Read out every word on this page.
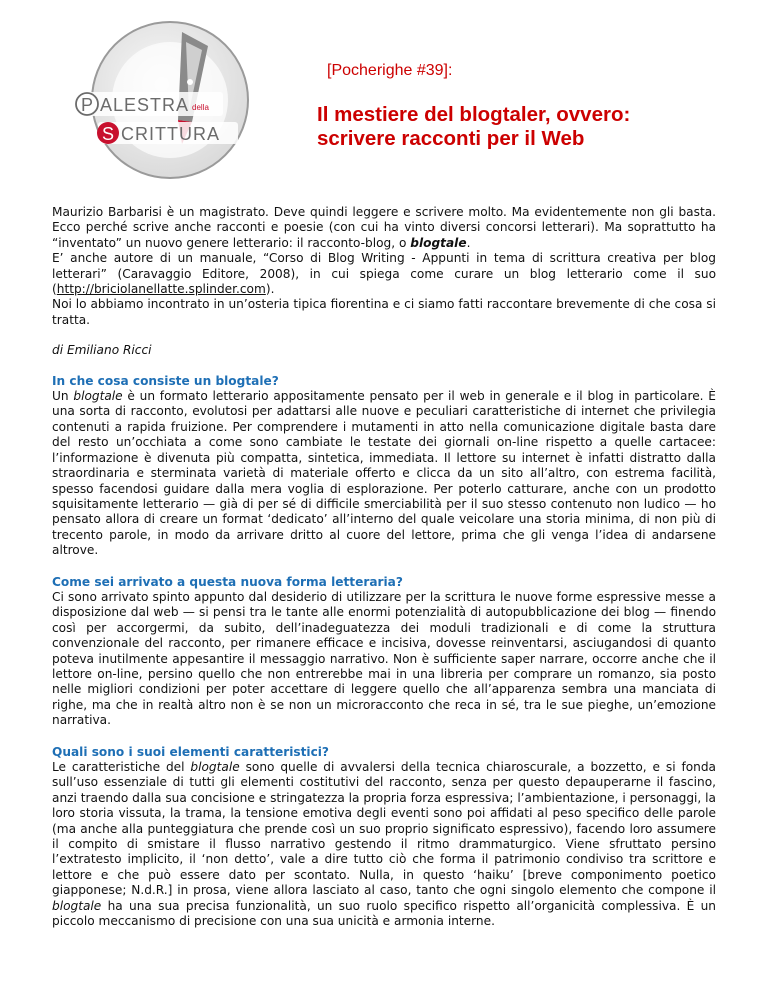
P ALESTRA della
S CRITTURA
[Pocherighe #39]:
Il mestiere del blogtaler, ovvero:
scrivere racconti per il Web

Maurizio Barbarisi è un magistrato. Deve quindi leggere e scrivere molto. Ma evidentemente non gli basta. Ecco perché scrive anche racconti e poesie (con cui ha vinto diversi concorsi letterari). Ma soprattutto ha “inventato” un nuovo genere letterario: il racconto-blog, o blogtale.

E’ anche autore di un manuale, “Corso di Blog Writing - Appunti in tema di scrittura creativa per blog letterari” (Caravaggio Editore, 2008), in cui spiega come curare un blog letterario come il suo (http://briciolanellatte.splinder.com).

Noi lo abbiamo incontrato in un’osteria tipica fiorentina e ci siamo fatti raccontare brevemente di che cosa si tratta.

di Emiliano Ricci

In che cosa consiste un blogtale?

Un blogtale è un formato letterario appositamente pensato per il web in generale e il blog in particolare. È una sorta di racconto, evolutosi per adattarsi alle nuove e peculiari caratteristiche di internet che privilegia contenuti a rapida fruizione. Per comprendere i mutamenti in atto nella comunicazione digitale basta dare del resto un’occhiata a come sono cambiate le testate dei giornali on-line rispetto a quelle cartacee: l’informazione è divenuta più compatta, sintetica, immediata. Il lettore su internet è infatti distratto dalla straordinaria e sterminata varietà di materiale offerto e clicca da un sito all’altro, con estrema facilità, spesso facendosi guidare dalla mera voglia di esplorazione. Per poterlo catturare, anche con un prodotto squisitamente letterario — già di per sé di difficile smerciabilità per il suo stesso contenuto non ludico — ho pensato allora di creare un format ‘dedicato’ all’interno del quale veicolare una storia minima, di non più di trecento parole, in modo da arrivare dritto al cuore del lettore, prima che gli venga l’idea di andarsene altrove.

Come sei arrivato a questa nuova forma letteraria?

Ci sono arrivato spinto appunto dal desiderio di utilizzare per la scrittura le nuove forme espressive messe a disposizione dal web — si pensi tra le tante alle enormi potenzialità di autopubblicazione dei blog — finendo così per accorgermi, da subito, dell’inadeguatezza dei moduli tradizionali e di come la struttura convenzionale del racconto, per rimanere efficace e incisiva, dovesse reinventarsi, asciugandosi di quanto poteva inutilmente appesantire il messaggio narrativo. Non è sufficiente saper narrare, occorre anche che il lettore on-line, persino quello che non entrerebbe mai in una libreria per comprare un romanzo, sia posto nelle migliori condizioni per poter accettare di leggere quello che all’apparenza sembra una manciata di righe, ma che in realtà altro non è se non un microracconto che reca in sé, tra le sue pieghe, un’emozione narrativa.

Quali sono i suoi elementi caratteristici?

Le caratteristiche del blogtale sono quelle di avvalersi della tecnica chiaroscurale, a bozzetto, e si fonda sull’uso essenziale di tutti gli elementi costitutivi del racconto, senza per questo depauperarne il fascino, anzi traendo dalla sua concisione e stringatezza la propria forza espressiva; l’ambientazione, i personaggi, la loro storia vissuta, la trama, la tensione emotiva degli eventi sono poi affidati al peso specifico delle parole (ma anche alla punteggiatura che prende così un suo proprio significato espressivo), facendo loro assumere il compito di smistare il flusso narrativo gestendo il ritmo drammaturgico. Viene sfruttato persino l’extratesto implicito, il ‘non detto’, vale a dire tutto ciò che forma il patrimonio condiviso tra scrittore e lettore e che può essere dato per scontato. Nulla, in questo ‘haiku’ [breve componimento poetico giapponese; N.d.R.] in prosa, viene allora lasciato al caso, tanto che ogni singolo elemento che compone il blogtale ha una sua precisa funzionalità, un suo ruolo specifico rispetto all’organicità complessiva. È un piccolo meccanismo di precisione con una sua unicità e armonia interne.
